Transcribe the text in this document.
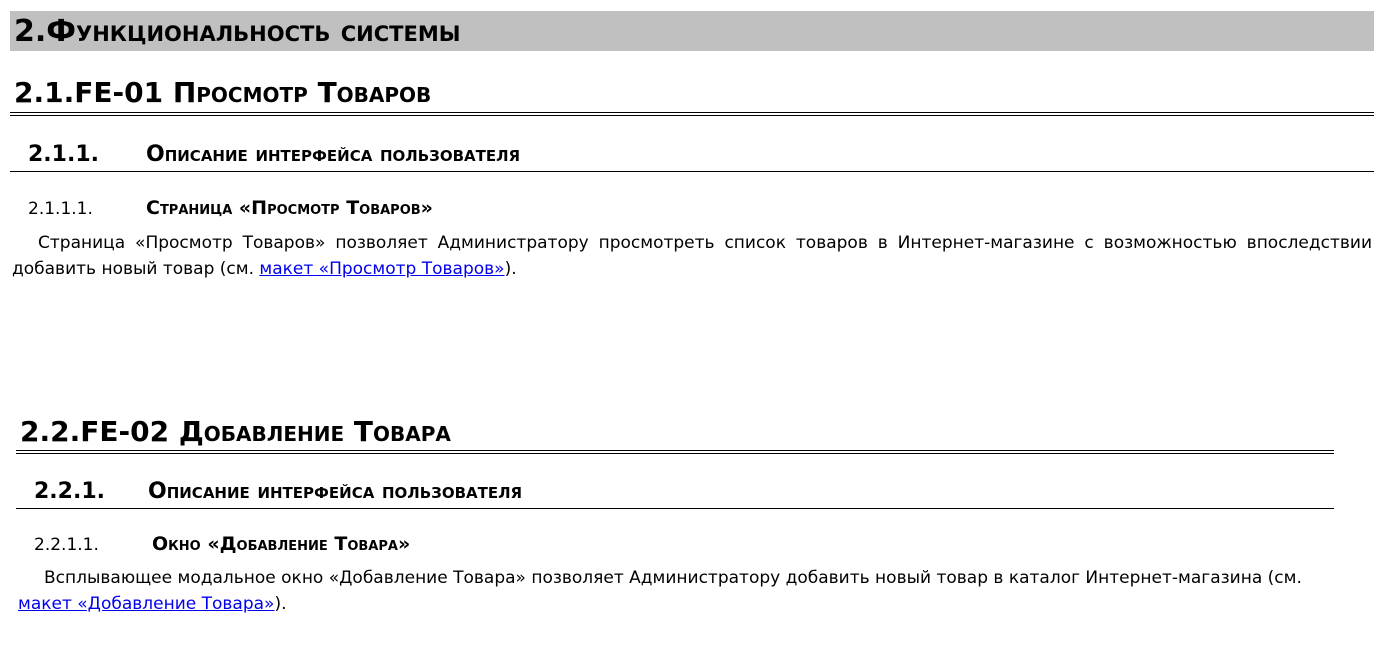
2.Функциональность системы
2.1.FE-01 Просмотр Товаров
2.1.1. Описание интерфейса пользователя
2.1.1.1.	Страница «Просмотр Товаров»
Страница «Просмотр Товаров» позволяет Администратору просмотреть список товаров в Интернет-магазине с возможностью впоследствии добавить новый товар (см. макет «Просмотр Товаров»).
2.2.FE-02 Добавление Товара
2.2.1. Описание интерфейса пользователя
2.2.1.1.	Окно «Добавление Товара»
Всплывающее модальное окно «Добавление Товара» позволяет Администратору добавить новый товар в каталог Интернет-магазина (см. макет «Добавление Товара»).
